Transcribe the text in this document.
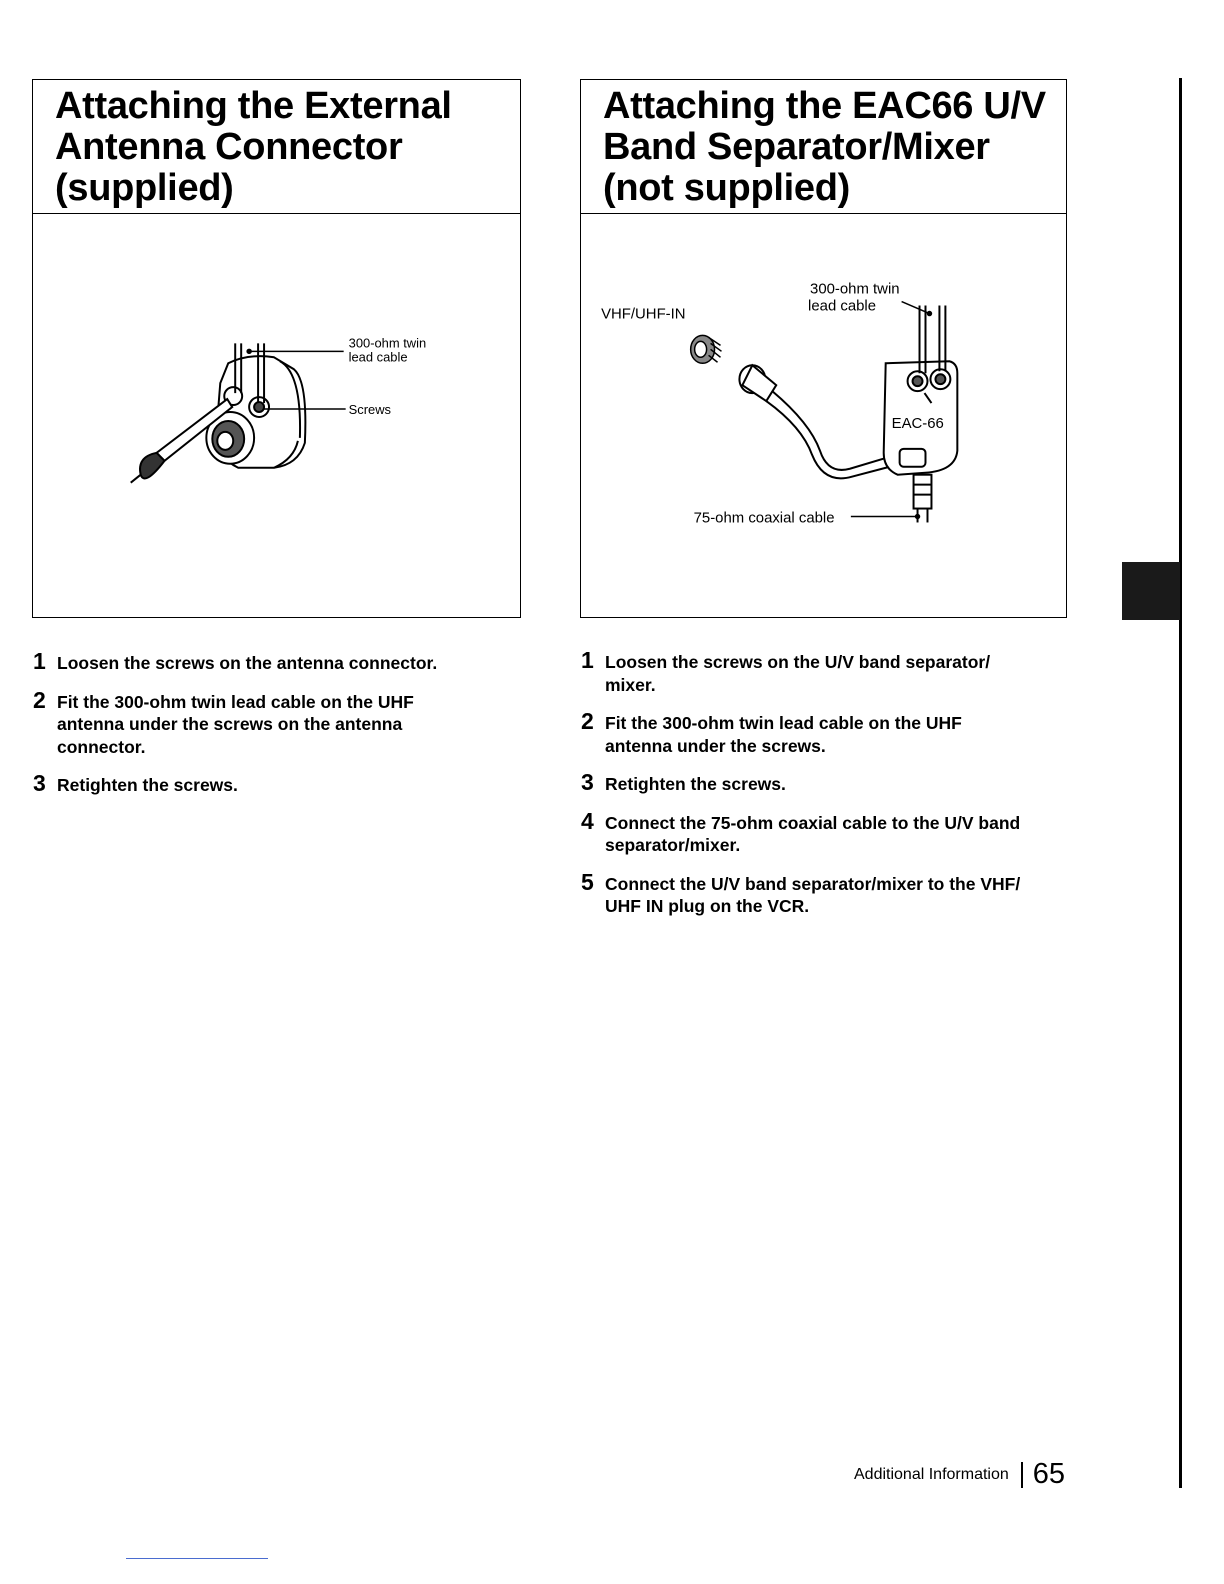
Attaching the External
Antenna Connector
(supplied)
300-ohm twin
lead cable
Screws
Attaching the EAC66 U/V
Band Separator/Mixer
(not supplied)
VHF/UHF-IN
300-ohm twin
lead cable
EAC-66
75-ohm coaxial cable
1 Loosen the screws on the antenna connector.
2 Fit the 300-ohm twin lead cable on the UHF antenna under the screws on the antenna connector.
3 Retighten the screws.
1 Loosen the screws on the U/V band separator/ mixer.
2 Fit the 300-ohm twin lead cable on the UHF antenna under the screws.
3 Retighten the screws.
4 Connect the 75-ohm coaxial cable to the U/V band separator/mixer.
5 Connect the U/V band separator/mixer to the VHF/ UHF IN plug on the VCR.
Additional Information 65
